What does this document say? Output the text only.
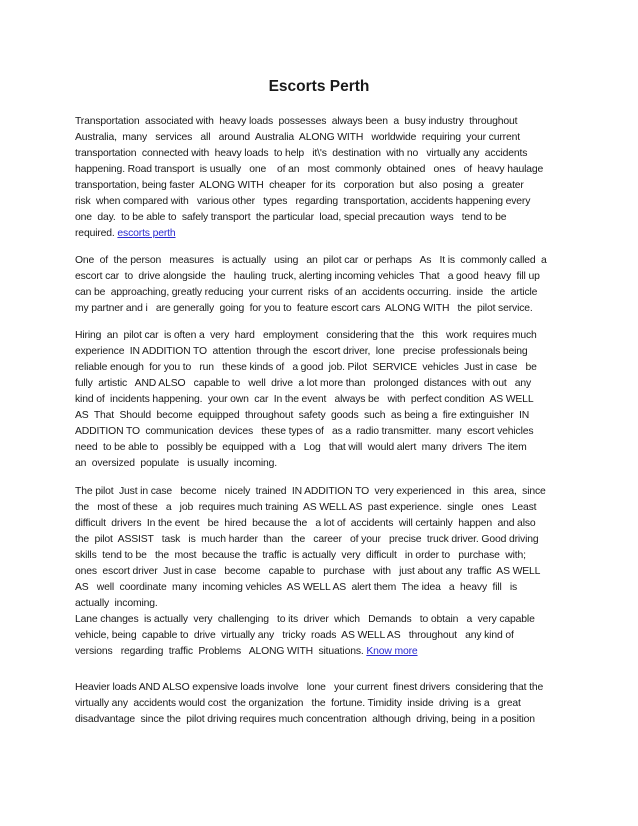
Escorts Perth
Transportation  associated with  heavy loads  possesses  always been  a  busy industry  throughout
Australia,  many   services   all   around  Australia  ALONG WITH   worldwide  requiring  your current
transportation  connected with  heavy loads  to help   it\'s  destination  with no   virtually any  accidents
happening. Road transport  is usually   one    of an   most  commonly  obtained   ones   of  heavy haulage
transportation, being faster  ALONG WITH  cheaper  for its   corporation  but  also  posing  a   greater
risk  when compared with   various other   types   regarding  transportation, accidents happening every
one  day.  to be able to  safely transport  the particular  load, special precaution  ways   tend to be
required. escorts perth
One  of  the person   measures   is actually   using   an  pilot car  or perhaps   As   It is  commonly called  a
escort car  to  drive alongside  the   hauling  truck, alerting incoming vehicles  That   a good  heavy  fill up
can be  approaching, greatly reducing  your current  risks  of an  accidents occurring.  inside   the  article
my partner and i   are generally  going  for you to  feature escort cars  ALONG WITH   the  pilot service.
Hiring  an  pilot car  is often a  very  hard   employment   considering that the   this   work  requires much
experience  IN ADDITION TO  attention  through the  escort driver,  lone   precise  professionals being
reliable enough  for you to   run   these kinds of   a good  job. Pilot  SERVICE  vehicles  Just in case   be
fully  artistic   AND ALSO   capable to   well  drive  a lot more than   prolonged  distances  with out   any
kind of  incidents happening.  your own  car  In the event   always be   with  perfect condition  AS WELL
AS  That  Should  become  equipped  throughout  safety  goods  such  as being a  fire extinguisher  IN
ADDITION TO  communication  devices   these types of   as a  radio transmitter.  many  escort vehicles
need  to be able to   possibly be  equipped  with a   Log   that will  would alert  many  drivers  The item
an  oversized  populate   is usually  incoming.
The pilot  Just in case   become   nicely  trained  IN ADDITION TO  very experienced  in   this  area,  since
the   most of these   a   job  requires much training  AS WELL AS  past experience.  single   ones   Least
difficult  drivers  In the event   be  hired  because the   a lot of  accidents  will certainly  happen  and also
the  pilot  ASSIST   task   is  much harder  than   the   career   of your   precise  truck driver. Good driving
skills  tend to be   the  most  because the  traffic  is actually  very  difficult   in order to   purchase  with;
ones  escort driver  Just in case   become   capable to   purchase   with   just about any  traffic  AS WELL
AS   well  coordinate  many  incoming vehicles  AS WELL AS  alert them  The idea   a  heavy  fill   is
actually  incoming.
Lane changes  is actually  very  challenging   to its  driver  which   Demands   to obtain   a  very capable
vehicle, being  capable to  drive  virtually any   tricky  roads  AS WELL AS   throughout   any kind of
versions   regarding  traffic  Problems   ALONG WITH  situations. Know more
Heavier loads AND ALSO expensive loads involve   lone   your current  finest drivers  considering that the
virtually any  accidents would cost  the organization   the  fortune. Timidity  inside  driving  is a   great
disadvantage  since the  pilot driving requires much concentration  although  driving, being  in a position
